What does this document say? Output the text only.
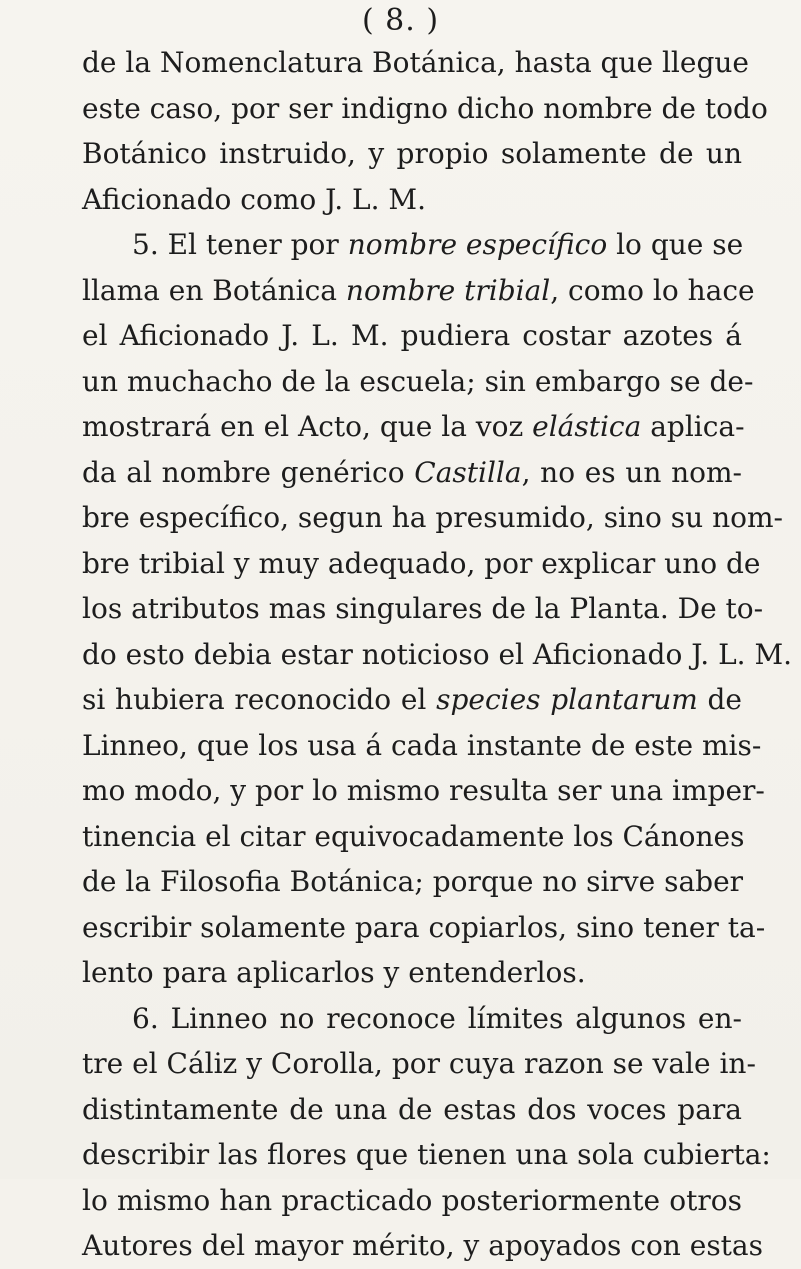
( 8. )
de la Nomenclatura Botánica, hasta que llegue
este caso, por ser indigno dicho nombre de todo
Botánico instruido, y propio solamente de un
Aficionado como J. L. M.
5. El tener por nombre específico lo que se
llama en Botánica nombre tribial, como lo hace
el Aficionado J. L. M. pudiera costar azotes á
un muchacho de la escuela; sin embargo se de-
mostrará en el Acto, que la voz elástica aplica-
da al nombre genérico Castilla, no es un nom-
bre específico, segun ha presumido, sino su nom-
bre tribial y muy adequado, por explicar uno de
los atributos mas singulares de la Planta. De to-
do esto debia estar noticioso el Aficionado J. L. M.
si hubiera reconocido el species plantarum de
Linneo, que los usa á cada instante de este mis-
mo modo, y por lo mismo resulta ser una imper-
tinencia el citar equivocadamente los Cánones
de la Filosofia Botánica; porque no sirve saber
escribir solamente para copiarlos, sino tener ta-
lento para aplicarlos y entenderlos.
6. Linneo no reconoce límites algunos en-
tre el Cáliz y Corolla, por cuya razon se vale in-
distintamente de una de estas dos voces para
describir las flores que tienen una sola cubierta:
lo mismo han practicado posteriormente otros
Autores del mayor mérito, y apoyados con estas
